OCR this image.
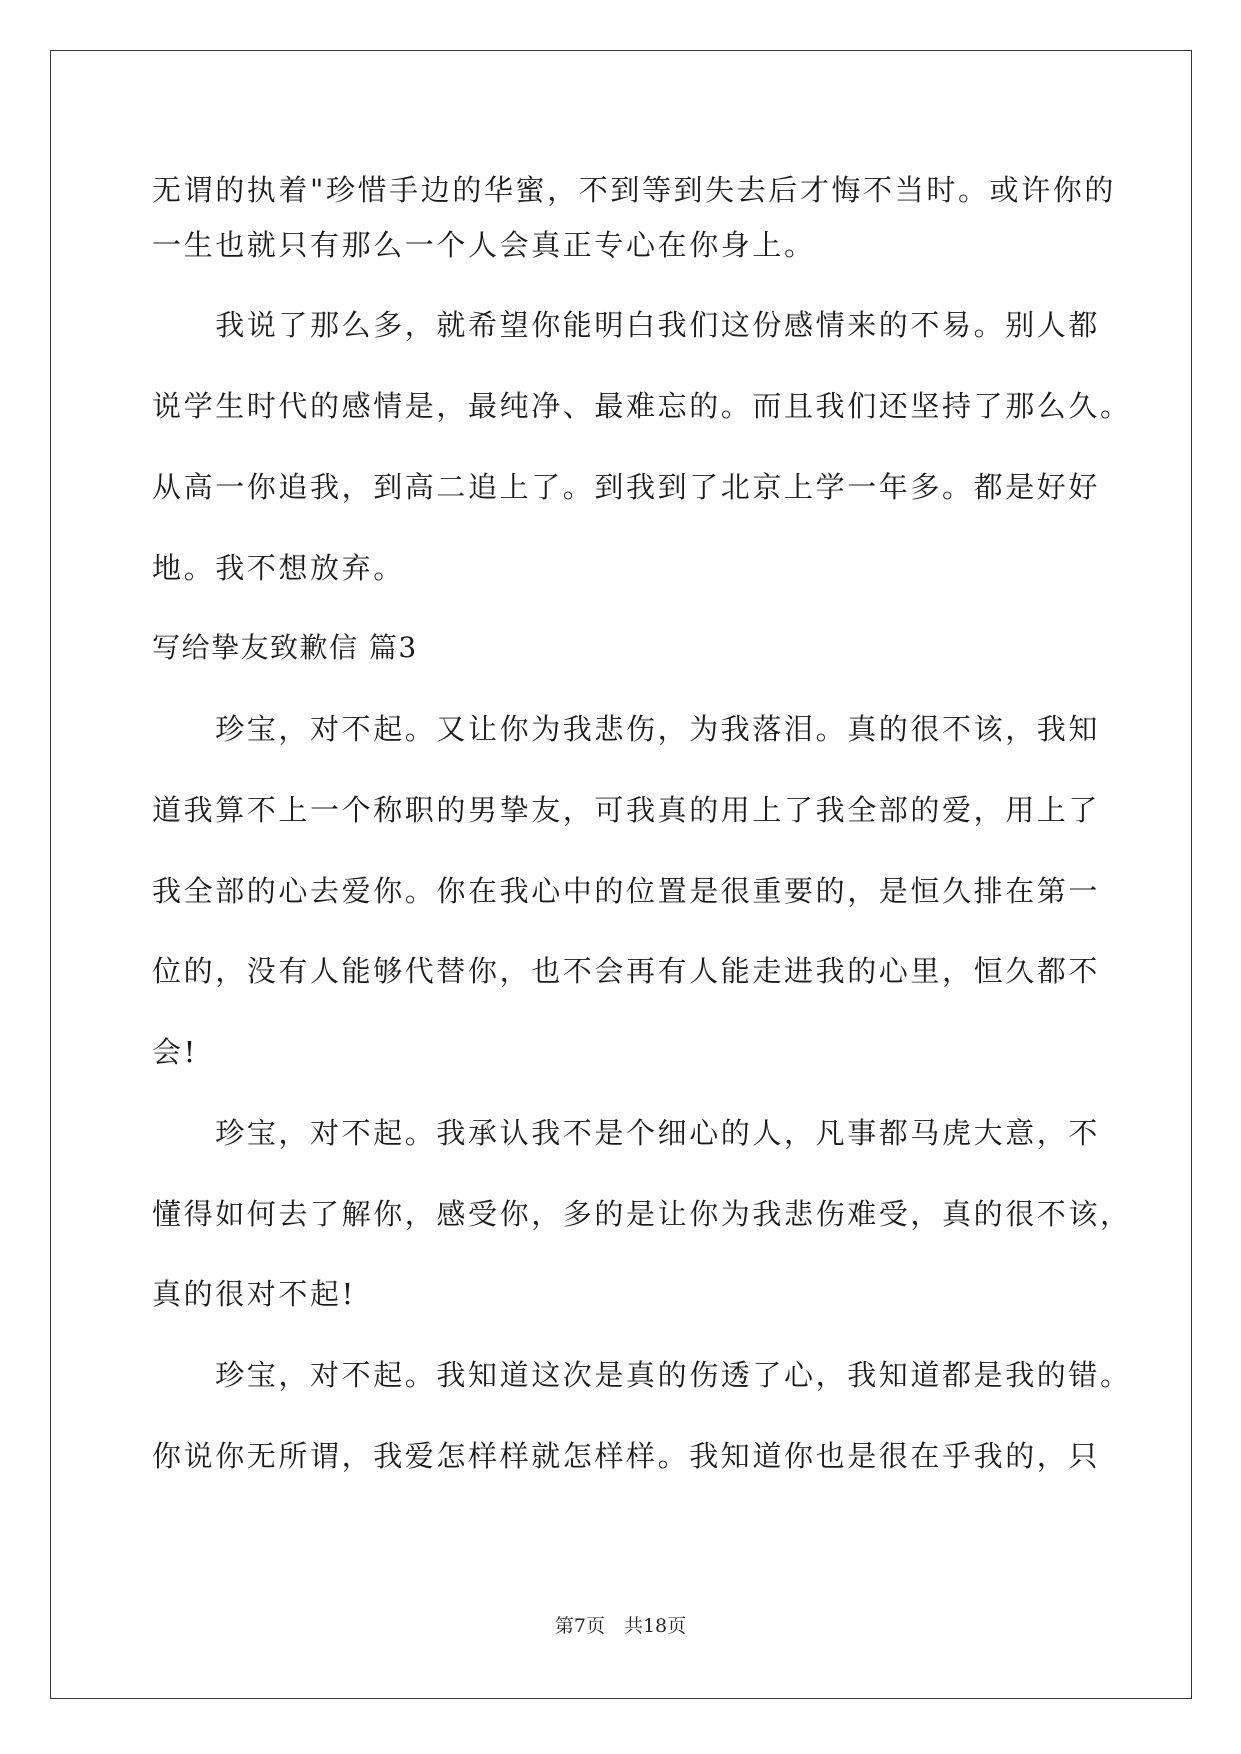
无谓的执着"珍惜手边的华蜜，不到等到失去后才悔不当时。或许你的
一生也就只有那么一个人会真正专心在你身上。
　　我说了那么多，就希望你能明白我们这份感情来的不易。别人都
说学生时代的感情是，最纯净、最难忘的。而且我们还坚持了那么久。
从高一你追我，到高二追上了。到我到了北京上学一年多。都是好好
地。我不想放弃。
写给挚友致歉信 篇3
　　珍宝，对不起。又让你为我悲伤，为我落泪。真的很不该，我知
道我算不上一个称职的男挚友，可我真的用上了我全部的爱，用上了
我全部的心去爱你。你在我心中的位置是很重要的，是恒久排在第一
位的，没有人能够代替你，也不会再有人能走进我的心里，恒久都不
会!
　　珍宝，对不起。我承认我不是个细心的人，凡事都马虎大意，不
懂得如何去了解你，感受你，多的是让你为我悲伤难受，真的很不该，
真的很对不起!
　　珍宝，对不起。我知道这次是真的伤透了心，我知道都是我的错。
你说你无所谓，我爱怎样样就怎样样。我知道你也是很在乎我的，只
第7页　共18页
